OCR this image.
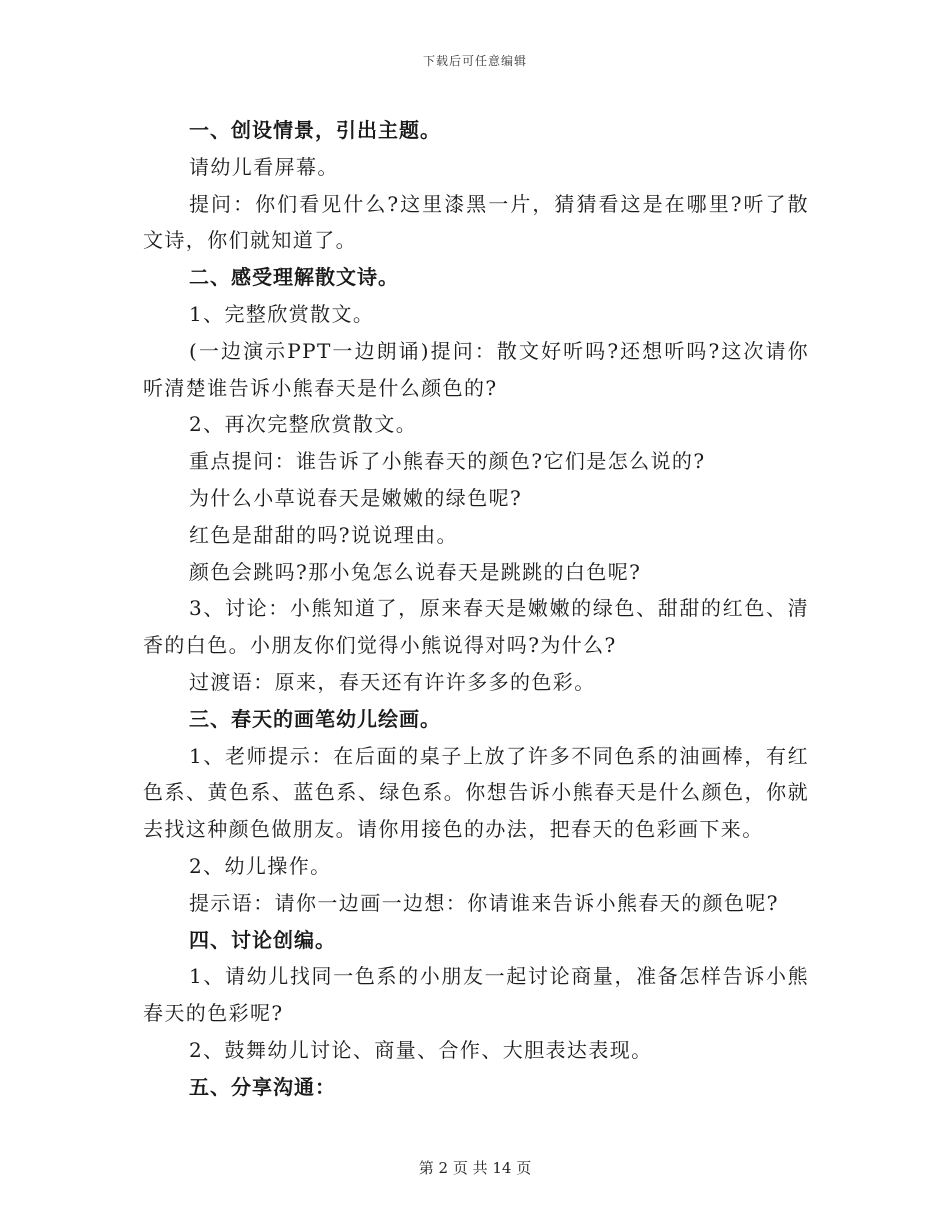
下载后可任意编辑

一、创设情景，引出主题。

请幼儿看屏幕。

提问：你们看见什么?这里漆黑一片，猜猜看这是在哪里?听了散文诗，你们就知道了。

二、感受理解散文诗。

1、完整欣赏散文。

(一边演示PPT一边朗诵)提问：散文好听吗?还想听吗?这次请你听清楚谁告诉小熊春天是什么颜色的?

2、再次完整欣赏散文。

重点提问：谁告诉了小熊春天的颜色?它们是怎么说的?

为什么小草说春天是嫩嫩的绿色呢?

红色是甜甜的吗?说说理由。

颜色会跳吗?那小兔怎么说春天是跳跳的白色呢?

3、讨论：小熊知道了，原来春天是嫩嫩的绿色、甜甜的红色、清香的白色。小朋友你们觉得小熊说得对吗?为什么?

过渡语：原来，春天还有许许多多的色彩。

三、春天的画笔幼儿绘画。

1、老师提示：在后面的桌子上放了许多不同色系的油画棒，有红色系、黄色系、蓝色系、绿色系。你想告诉小熊春天是什么颜色，你就去找这种颜色做朋友。请你用接色的办法，把春天的色彩画下来。

2、幼儿操作。

提示语：请你一边画一边想：你请谁来告诉小熊春天的颜色呢?

四、讨论创编。

1、请幼儿找同一色系的小朋友一起讨论商量，准备怎样告诉小熊春天的色彩呢?

2、鼓舞幼儿讨论、商量、合作、大胆表达表现。

五、分享沟通：

第 2 页 共 14 页
